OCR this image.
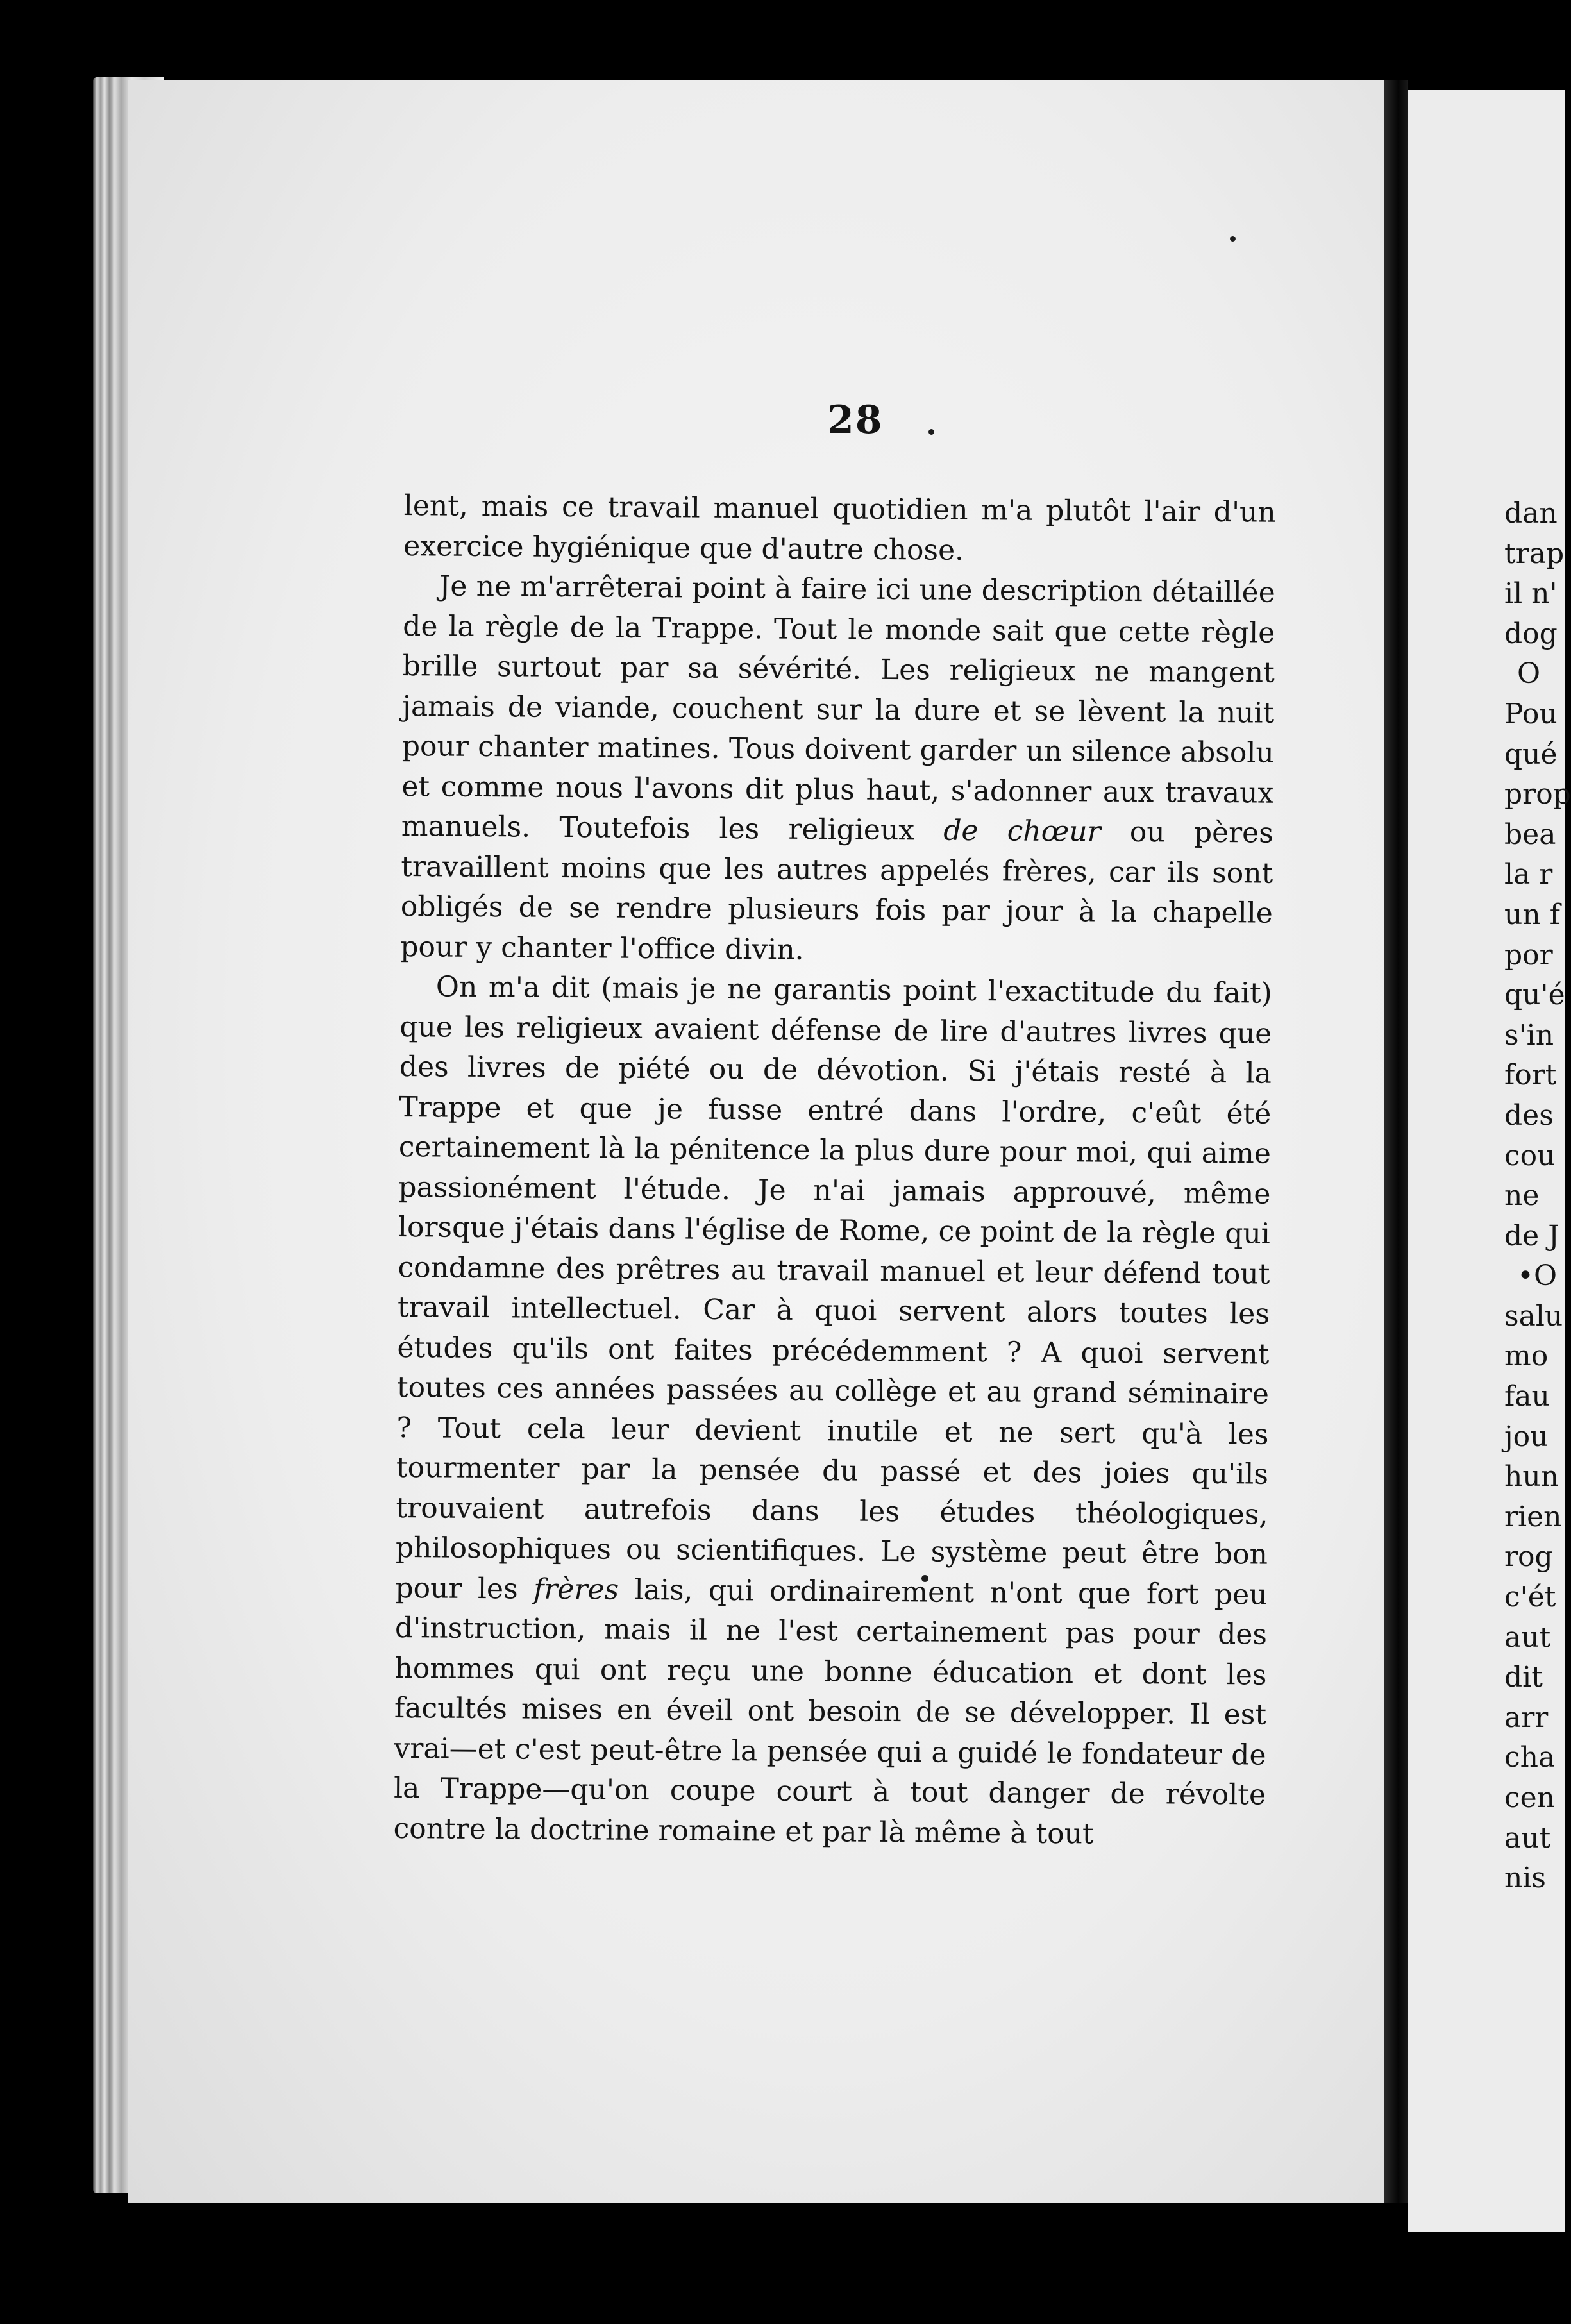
28

lent, mais ce travail manuel quotidien m'a plutôt l'air d'un exercice hygiénique que d'autre chose.

Je ne m'arrêterai point à faire ici une description détaillée de la règle de la Trappe. Tout le monde sait que cette règle brille surtout par sa sévérité. Les religieux ne mangent jamais de viande, couchent sur la dure et se lèvent la nuit pour chanter matines. Tous doivent garder un silence absolu et comme nous l'avons dit plus haut, s'adonner aux travaux manuels. Toutefois les religieux de chœur ou pères travaillent moins que les autres appelés frères, car ils sont obligés de se rendre plusieurs fois par jour à la chapelle pour y chanter l'office divin.

On m'a dit (mais je ne garantis point l'exactitude du fait) que les religieux avaient défense de lire d'autres livres que des livres de piété ou de dévotion. Si j'étais resté à la Trappe et que je fusse entré dans l'ordre, c'eût été certainement là la pénitence la plus dure pour moi, qui aime passionément l'étude. Je n'ai jamais approuvé, même lorsque j'étais dans l'église de Rome, ce point de la règle qui condamne des prêtres au travail manuel et leur défend tout travail intellectuel. Car à quoi servent alors toutes les études qu'ils ont faites précédemment ? A quoi servent toutes ces années passées au collège et au grand séminaire ? Tout cela leur devient inutile et ne sert qu'à les tourmenter par la pensée du passé et des joies qu'ils trouvaient autrefois dans les études théologiques, philosophiques ou scientifiques. Le système peut être bon pour les frères lais, qui ordinairement n'ont que fort peu d'instruction, mais il ne l'est certainement pas pour des hommes qui ont reçu une bonne éducation et dont les facultés mises en éveil ont besoin de se développer. Il est vrai—et c'est peut-être la pensée qui a guidé le fondateur de la Trappe—qu'on coupe court à tout danger de révolte contre la doctrine romaine et par là même à tout

dan
trap
il n'
dog
O
Pou
qué
prop
bea
la r
un f
por
qu'é
s'in
fort
des
cou
ne
de J
•O
salu
mo
fau
jou
hun
rien
rog
c'ét
aut
dit
arr
cha
cen
aut
nis
